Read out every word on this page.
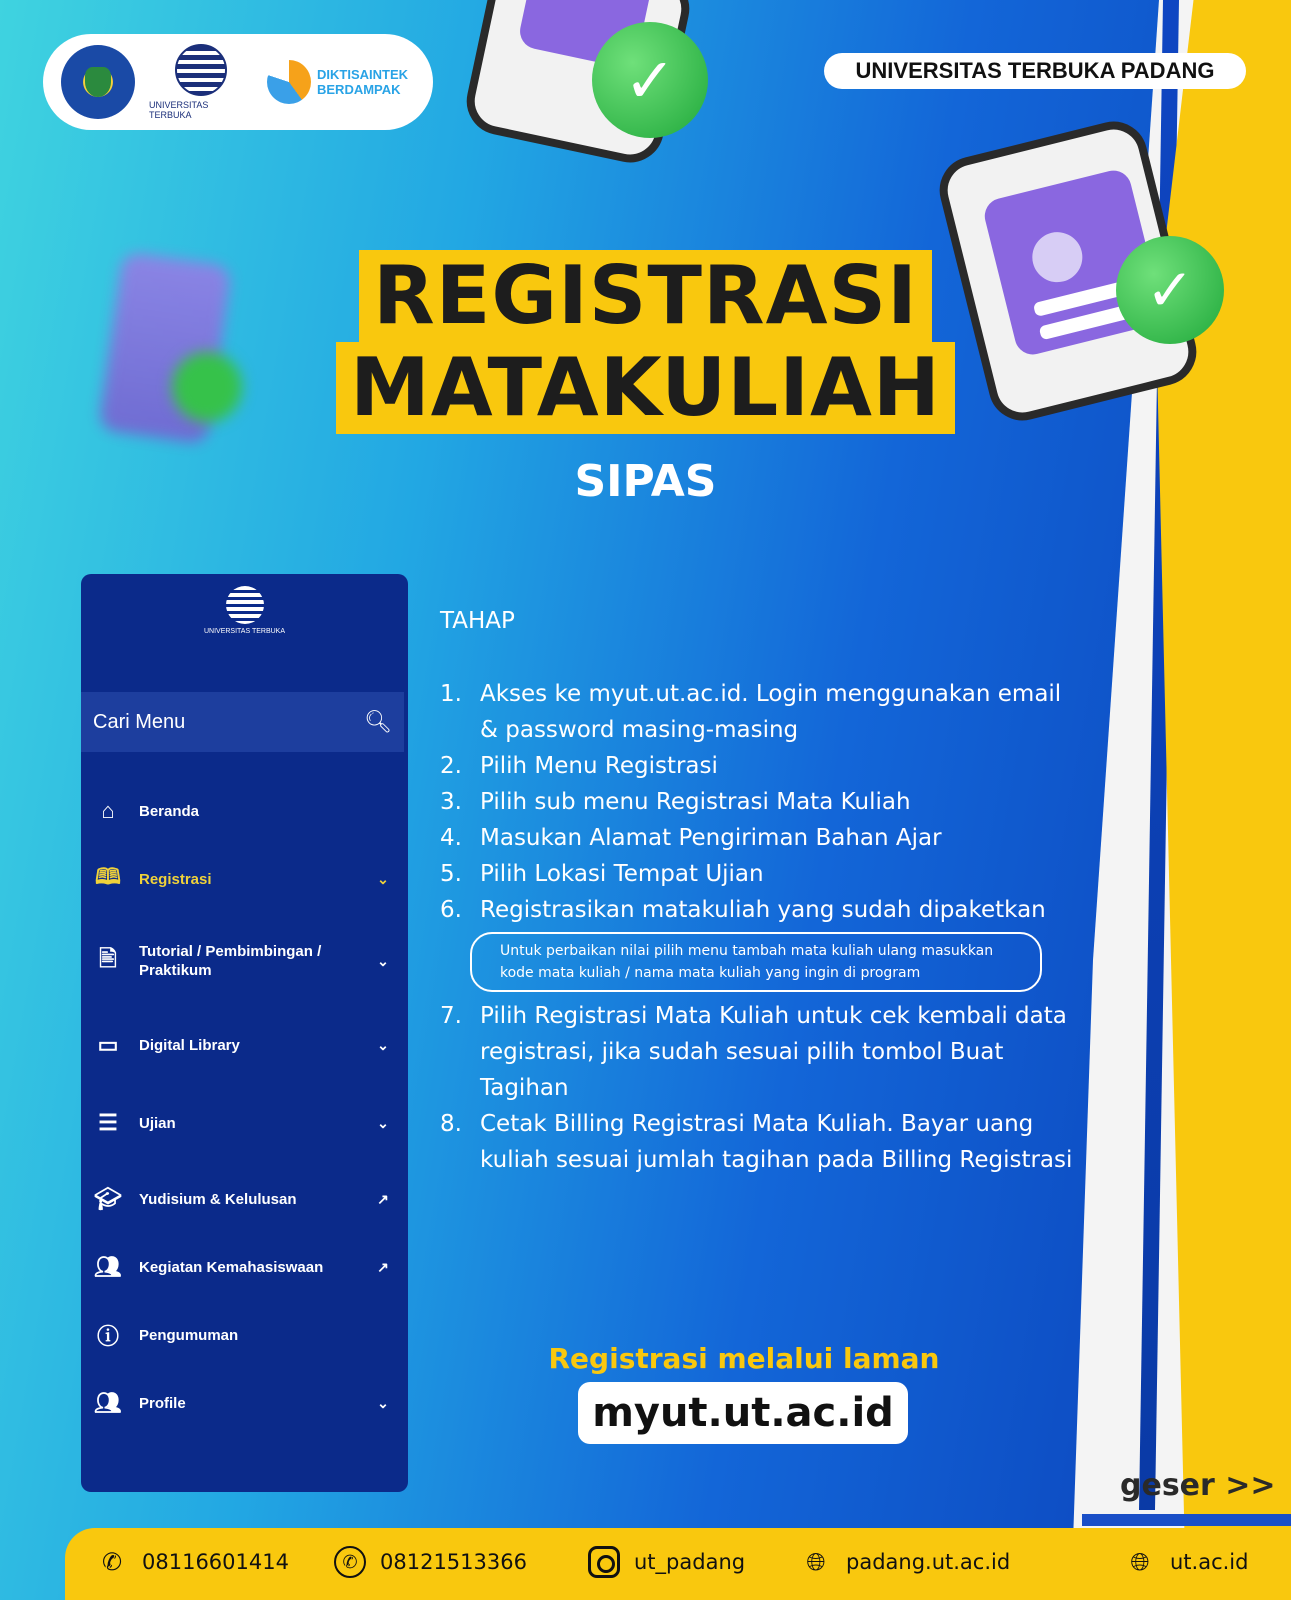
UNIVERSITAS TERBUKA
DIKTISAINTEK
BERDAMPAK
UNIVERSITAS TERBUKA PADANG
✓
✓
REGISTRASI
MATAKULIAH
SIPAS
UNIVERSITAS TERBUKA
Cari Menu	🔍︎
⌂	Beranda
🕮︎ Registrasi	⌄
🖹︎	Tutorial / Pembimbingan / Praktikum
⌄
▭	Digital Library	⌄
☰	Ujian	⌄
🎓︎ Yudisium & Kelulusan	↗
👥︎ Kegiatan Kemahasiswaan	↗
ⓘ	Pengumuman
👥︎ Profile	⌄
TAHAP
1. Akses ke myut.ut.ac.id. Login menggunakan email & password masing-masing
2. Pilih Menu Registrasi
3. Pilih sub menu Registrasi Mata Kuliah
4. Masukan Alamat Pengiriman Bahan Ajar
5. Pilih Lokasi Tempat Ujian
6. Registrasikan matakuliah yang sudah dipaketkan
Untuk perbaikan nilai pilih menu tambah mata kuliah ulang masukkan kode mata kuliah / nama mata kuliah yang ingin di program
7. Pilih Registrasi Mata Kuliah untuk cek kembali data registrasi, jika sudah sesuai pilih tombol Buat Tagihan
8. Cetak Billing Registrasi Mata Kuliah. Bayar uang kuliah sesuai jumlah tagihan pada Billing Registrasi
Registrasi melalui laman
myut.ut.ac.id
geser >>
✆ 08116601414	✆	08121513366	ut_padang	🌐︎ padang.ut.ac.id	🌐︎ ut.ac.id
